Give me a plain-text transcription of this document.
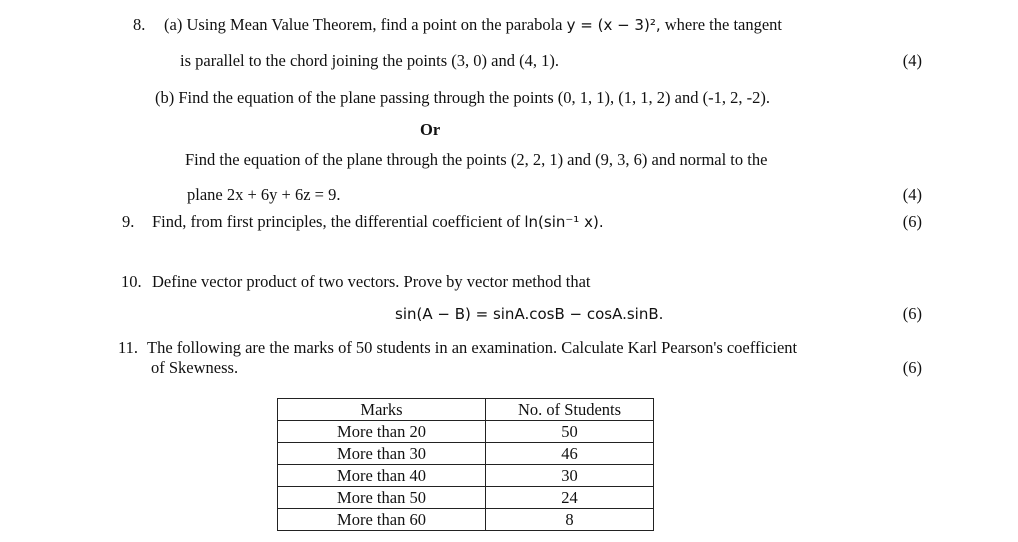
8. (a) Using Mean Value Theorem, find a point on the parabola y = (x − 3)², where the tangent
is parallel to the chord joining the points (3, 0) and (4, 1).	(4)
(b) Find the equation of the plane passing through the points (0, 1, 1), (1, 1, 2) and (-1, 2, -2).
Or
Find the equation of the plane through the points (2, 2, 1) and (9, 3, 6) and normal to the
plane 2x + 6y + 6z = 9.	(4)
9. Find, from first principles, the differential coefficient of ln(sin⁻¹ x).	(6)
10. Define vector product of two vectors. Prove by vector method that
sin(A − B) = sinA.cosB − cosA.sinB.	(6)
11. The following are the marks of 50 students in an examination. Calculate Karl Pearson's coefficient
of Skewness.	(6)
Marks	No. of Students
More than 20	50
More than 30	46
More than 40	30
More than 50	24
More than 60	8
